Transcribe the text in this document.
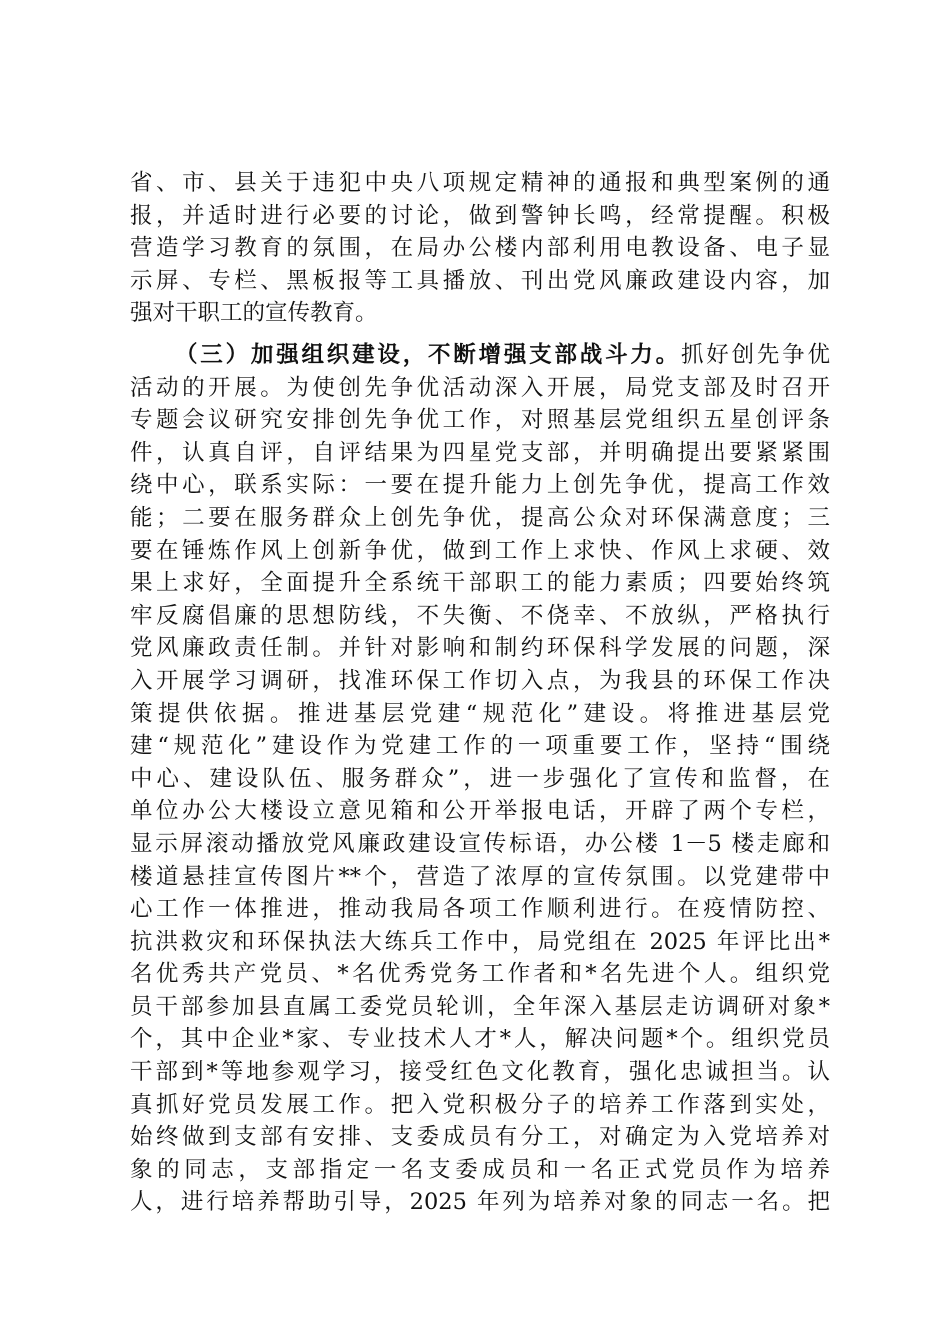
省、市、县关于违犯中央八项规定精神的通报和典型案例的通
报，并适时进行必要的讨论，做到警钟长鸣，经常提醒。积极
营造学习教育的氛围，在局办公楼内部利用电教设备、电子显
示屏、专栏、黑板报等工具播放、刊出党风廉政建设内容，加
强对干职工的宣传教育。
（三）加强组织建设，不断增强支部战斗力。抓好创先争优
活动的开展。为使创先争优活动深入开展，局党支部及时召开
专题会议研究安排创先争优工作，对照基层党组织五星创评条
件，认真自评，自评结果为四星党支部，并明确提出要紧紧围
绕中心，联系实际：一要在提升能力上创先争优，提高工作效
能；二要在服务群众上创先争优，提高公众对环保满意度；三
要在锤炼作风上创新争优，做到工作上求快、作风上求硬、效
果上求好，全面提升全系统干部职工的能力素质；四要始终筑
牢反腐倡廉的思想防线，不失衡、不侥幸、不放纵，严格执行
党风廉政责任制。并针对影响和制约环保科学发展的问题，深
入开展学习调研，找准环保工作切入点，为我县的环保工作决
策提供依据。推进基层党建“规范化”建设。将推进基层党
建“规范化”建设作为党建工作的一项重要工作，坚持“围绕
中心、建设队伍、服务群众”，进一步强化了宣传和监督，在
单位办公大楼设立意见箱和公开举报电话，开辟了两个专栏，
显示屏滚动播放党风廉政建设宣传标语，办公楼 1－5 楼走廊和
楼道悬挂宣传图片**个，营造了浓厚的宣传氛围。以党建带中
心工作一体推进，推动我局各项工作顺利进行。在疫情防控、
抗洪救灾和环保执法大练兵工作中，局党组在 2025 年评比出*
名优秀共产党员、*名优秀党务工作者和*名先进个人。组织党
员干部参加县直属工委党员轮训，全年深入基层走访调研对象*
个，其中企业*家、专业技术人才*人，解决问题*个。组织党员
干部到*等地参观学习，接受红色文化教育，强化忠诚担当。认
真抓好党员发展工作。把入党积极分子的培养工作落到实处，
始终做到支部有安排、支委成员有分工，对确定为入党培养对
象的同志，支部指定一名支委成员和一名正式党员作为培养
人，进行培养帮助引导，2025 年列为培养对象的同志一名。把
